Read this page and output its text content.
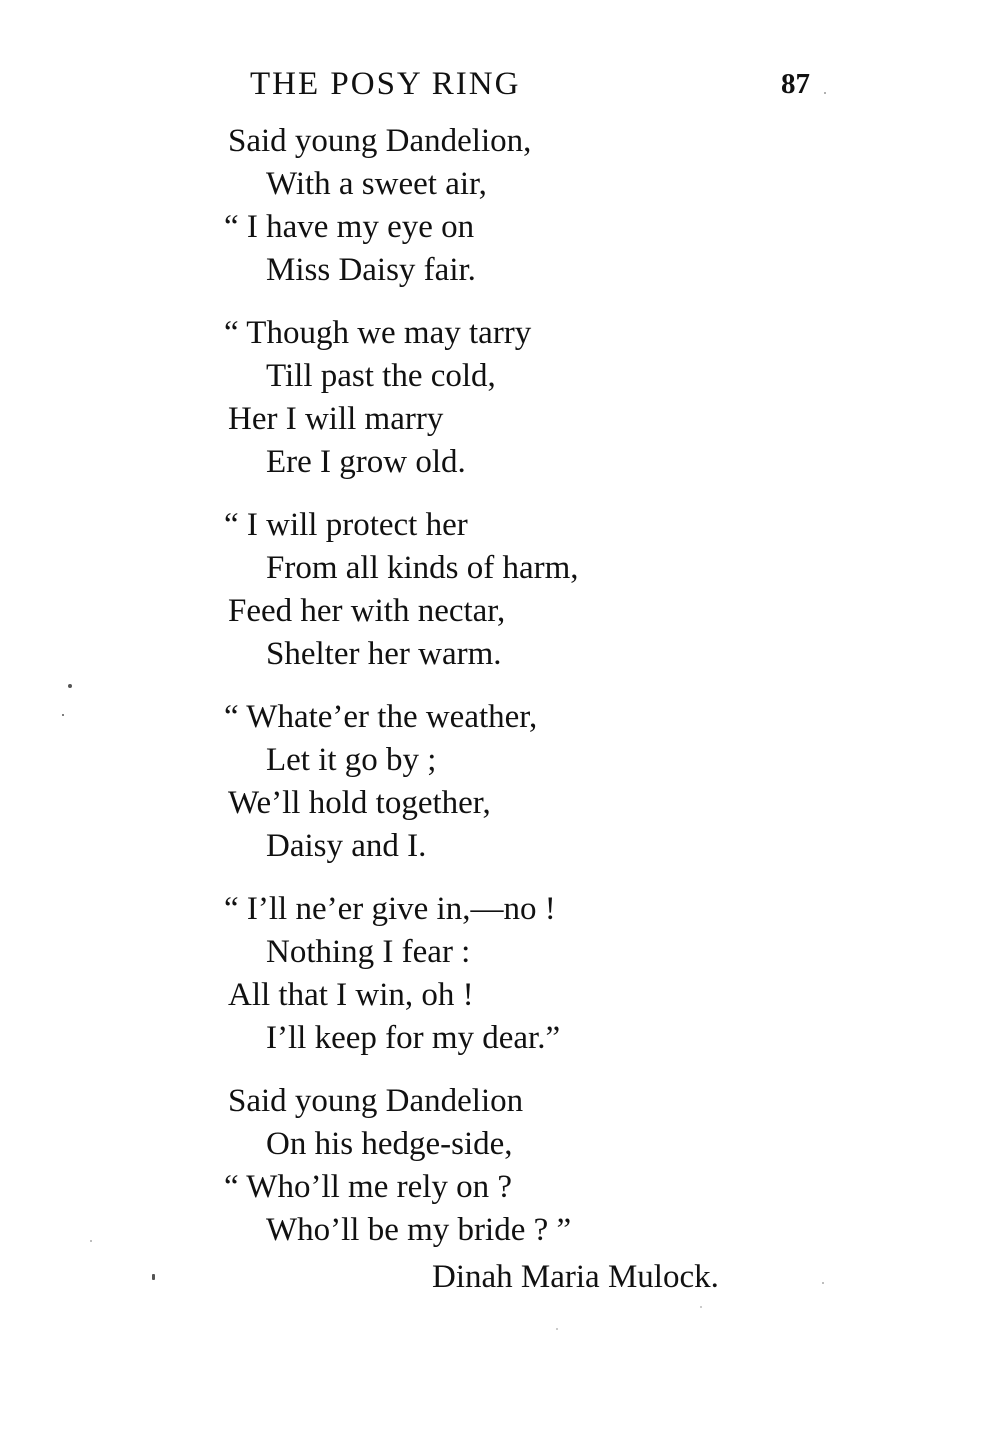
THE POSY RING	87
Said young Dandelion,
With a sweet air,
“ I have my eye on
Miss Daisy fair.
“ Though we may tarry
Till past the cold,
Her I will marry
Ere I grow old.
“ I will protect her
From all kinds of harm,
Feed her with nectar,
Shelter her warm.
“ Whate’er the weather,
Let it go by ;
We’ll hold together,
Daisy and I.
“ I’ll ne’er give in,—no !
Nothing I fear :
All that I win, oh !
I’ll keep for my dear.”
Said young Dandelion
On his hedge-side,
“ Who’ll me rely on ?
Who’ll be my bride ? ”
Dinah Maria Mulock.
